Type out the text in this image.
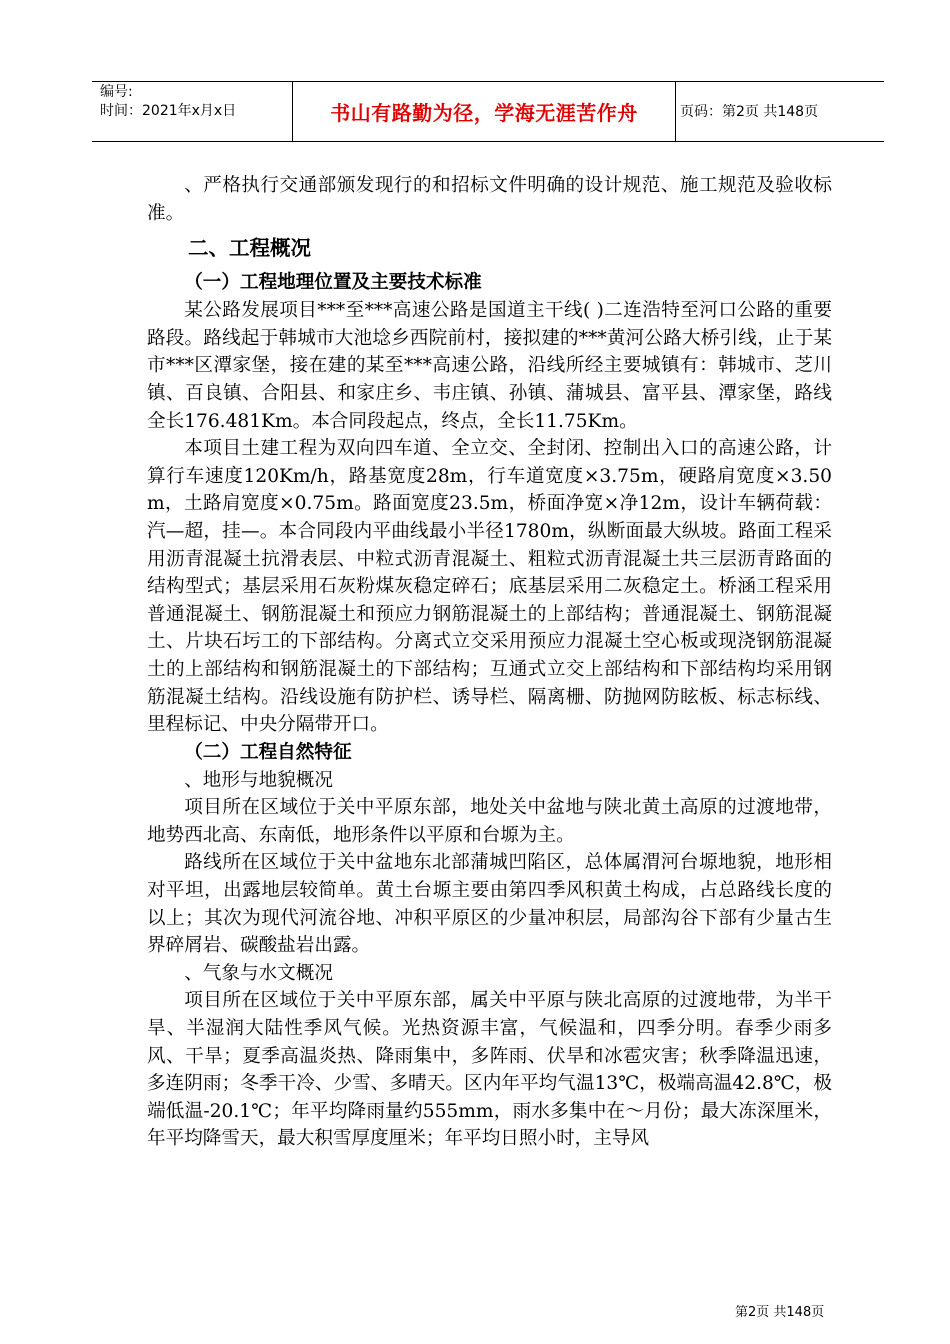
编号:
时间：2021年x月x日	书山有路勤为径，学海无涯苦作舟	页码：第2页 共148页

、严格执行交通部颁发现行的和招标文件明确的设计规范、施工规范及验收标准。

二、工程概况
（一）工程地理位置及主要技术标准

某公路发展项目***至***高速公路是国道主干线( )二连浩特至河口公路的重要路段。路线起于韩城市大池埝乡西院前村，接拟建的***黄河公路大桥引线，止于某市***区潭家堡，接在建的某至***高速公路，沿线所经主要城镇有：韩城市、芝川镇、百良镇、合阳县、和家庄乡、韦庄镇、孙镇、蒲城县、富平县、潭家堡，路线全长176.481Km。本合同段起点，终点，全长11.75Km。

本项目土建工程为双向四车道、全立交、全封闭、控制出入口的高速公路，计算行车速度120Km/h，路基宽度28m，行车道宽度×3.75m，硬路肩宽度×3.50m，土路肩宽度×0.75m。路面宽度23.5m，桥面净宽×净12m，设计车辆荷载：汽—超，挂—。本合同段内平曲线最小半径1780m，纵断面最大纵坡。路面工程采用沥青混凝土抗滑表层、中粒式沥青混凝土、粗粒式沥青混凝土共三层沥青路面的结构型式；基层采用石灰粉煤灰稳定碎石；底基层采用二灰稳定土。桥涵工程采用普通混凝土、钢筋混凝土和预应力钢筋混凝土的上部结构；普通混凝土、钢筋混凝土、片块石圬工的下部结构。分离式立交采用预应力混凝土空心板或现浇钢筋混凝土的上部结构和钢筋混凝土的下部结构；互通式立交上部结构和下部结构均采用钢筋混凝土结构。沿线设施有防护栏、诱导栏、隔离栅、防抛网防眩板、标志标线、里程标记、中央分隔带开口。

（二）工程自然特征

、地形与地貌概况

项目所在区域位于关中平原东部，地处关中盆地与陕北黄土高原的过渡地带，地势西北高、东南低，地形条件以平原和台塬为主。

路线所在区域位于关中盆地东北部蒲城凹陷区，总体属渭河台塬地貌，地形相对平坦，出露地层较简单。黄土台塬主要由第四季风积黄土构成，占总路线长度的以上；其次为现代河流谷地、冲积平原区的少量冲积层，局部沟谷下部有少量古生界碎屑岩、碳酸盐岩出露。

、气象与水文概况

项目所在区域位于关中平原东部，属关中平原与陕北高原的过渡地带，为半干旱、半湿润大陆性季风气候。光热资源丰富，气候温和，四季分明。春季少雨多风、干旱；夏季高温炎热、降雨集中，多阵雨、伏旱和冰雹灾害；秋季降温迅速，多连阴雨；冬季干冷、少雪、多晴天。区内年平均气温13℃，极端高温42.8℃，极端低温-20.1℃；年平均降雨量约555mm，雨水多集中在～月份；最大冻深厘米，年平均降雪天，最大积雪厚度厘米；年平均日照小时，主导风

第2页 共148页
